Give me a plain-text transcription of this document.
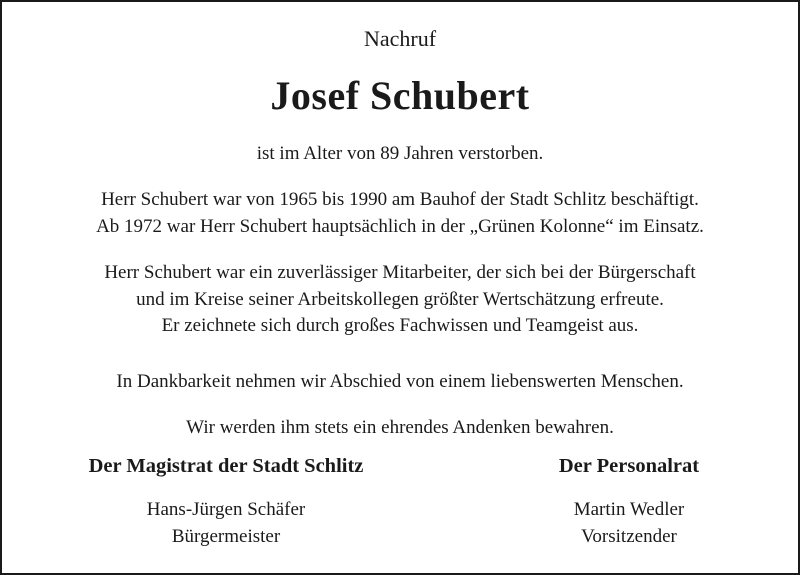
Nachruf
Josef Schubert
ist im Alter von 89 Jahren verstorben.
Herr Schubert war von 1965 bis 1990 am Bauhof der Stadt Schlitz beschäftigt.
Ab 1972 war Herr Schubert hauptsächlich in der „Grünen Kolonne“ im Einsatz.
Herr Schubert war ein zuverlässiger Mitarbeiter, der sich bei der Bürgerschaft
und im Kreise seiner Arbeitskollegen größter Wertschätzung erfreute.
Er zeichnete sich durch großes Fachwissen und Teamgeist aus.
In Dankbarkeit nehmen wir Abschied von einem liebenswerten Menschen.
Wir werden ihm stets ein ehrendes Andenken bewahren.
Der Magistrat der Stadt Schlitz
Hans-Jürgen Schäfer
Bürgermeister
Der Personalrat
Martin Wedler
Vorsitzender
